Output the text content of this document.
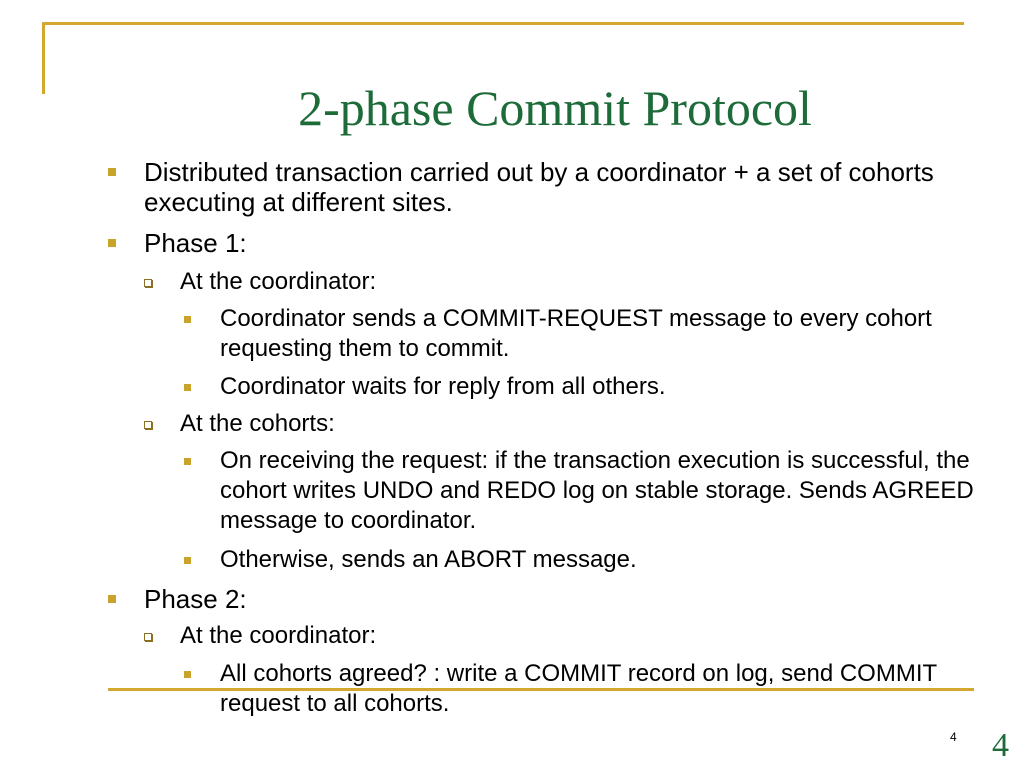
2-phase Commit Protocol
Distributed transaction carried out by a coordinator + a set of cohorts executing at different sites.
Phase 1:
At the coordinator:
Coordinator sends a COMMIT-REQUEST message to every cohort requesting them to commit.
Coordinator waits for reply from all others.
At the cohorts:
On receiving the request: if the transaction execution is successful, the cohort writes UNDO and REDO log on stable storage. Sends AGREED message to coordinator.
Otherwise, sends an ABORT message.
Phase 2:
At the coordinator:
All cohorts agreed? : write a COMMIT record on log, send COMMIT request to all cohorts.
4 4
